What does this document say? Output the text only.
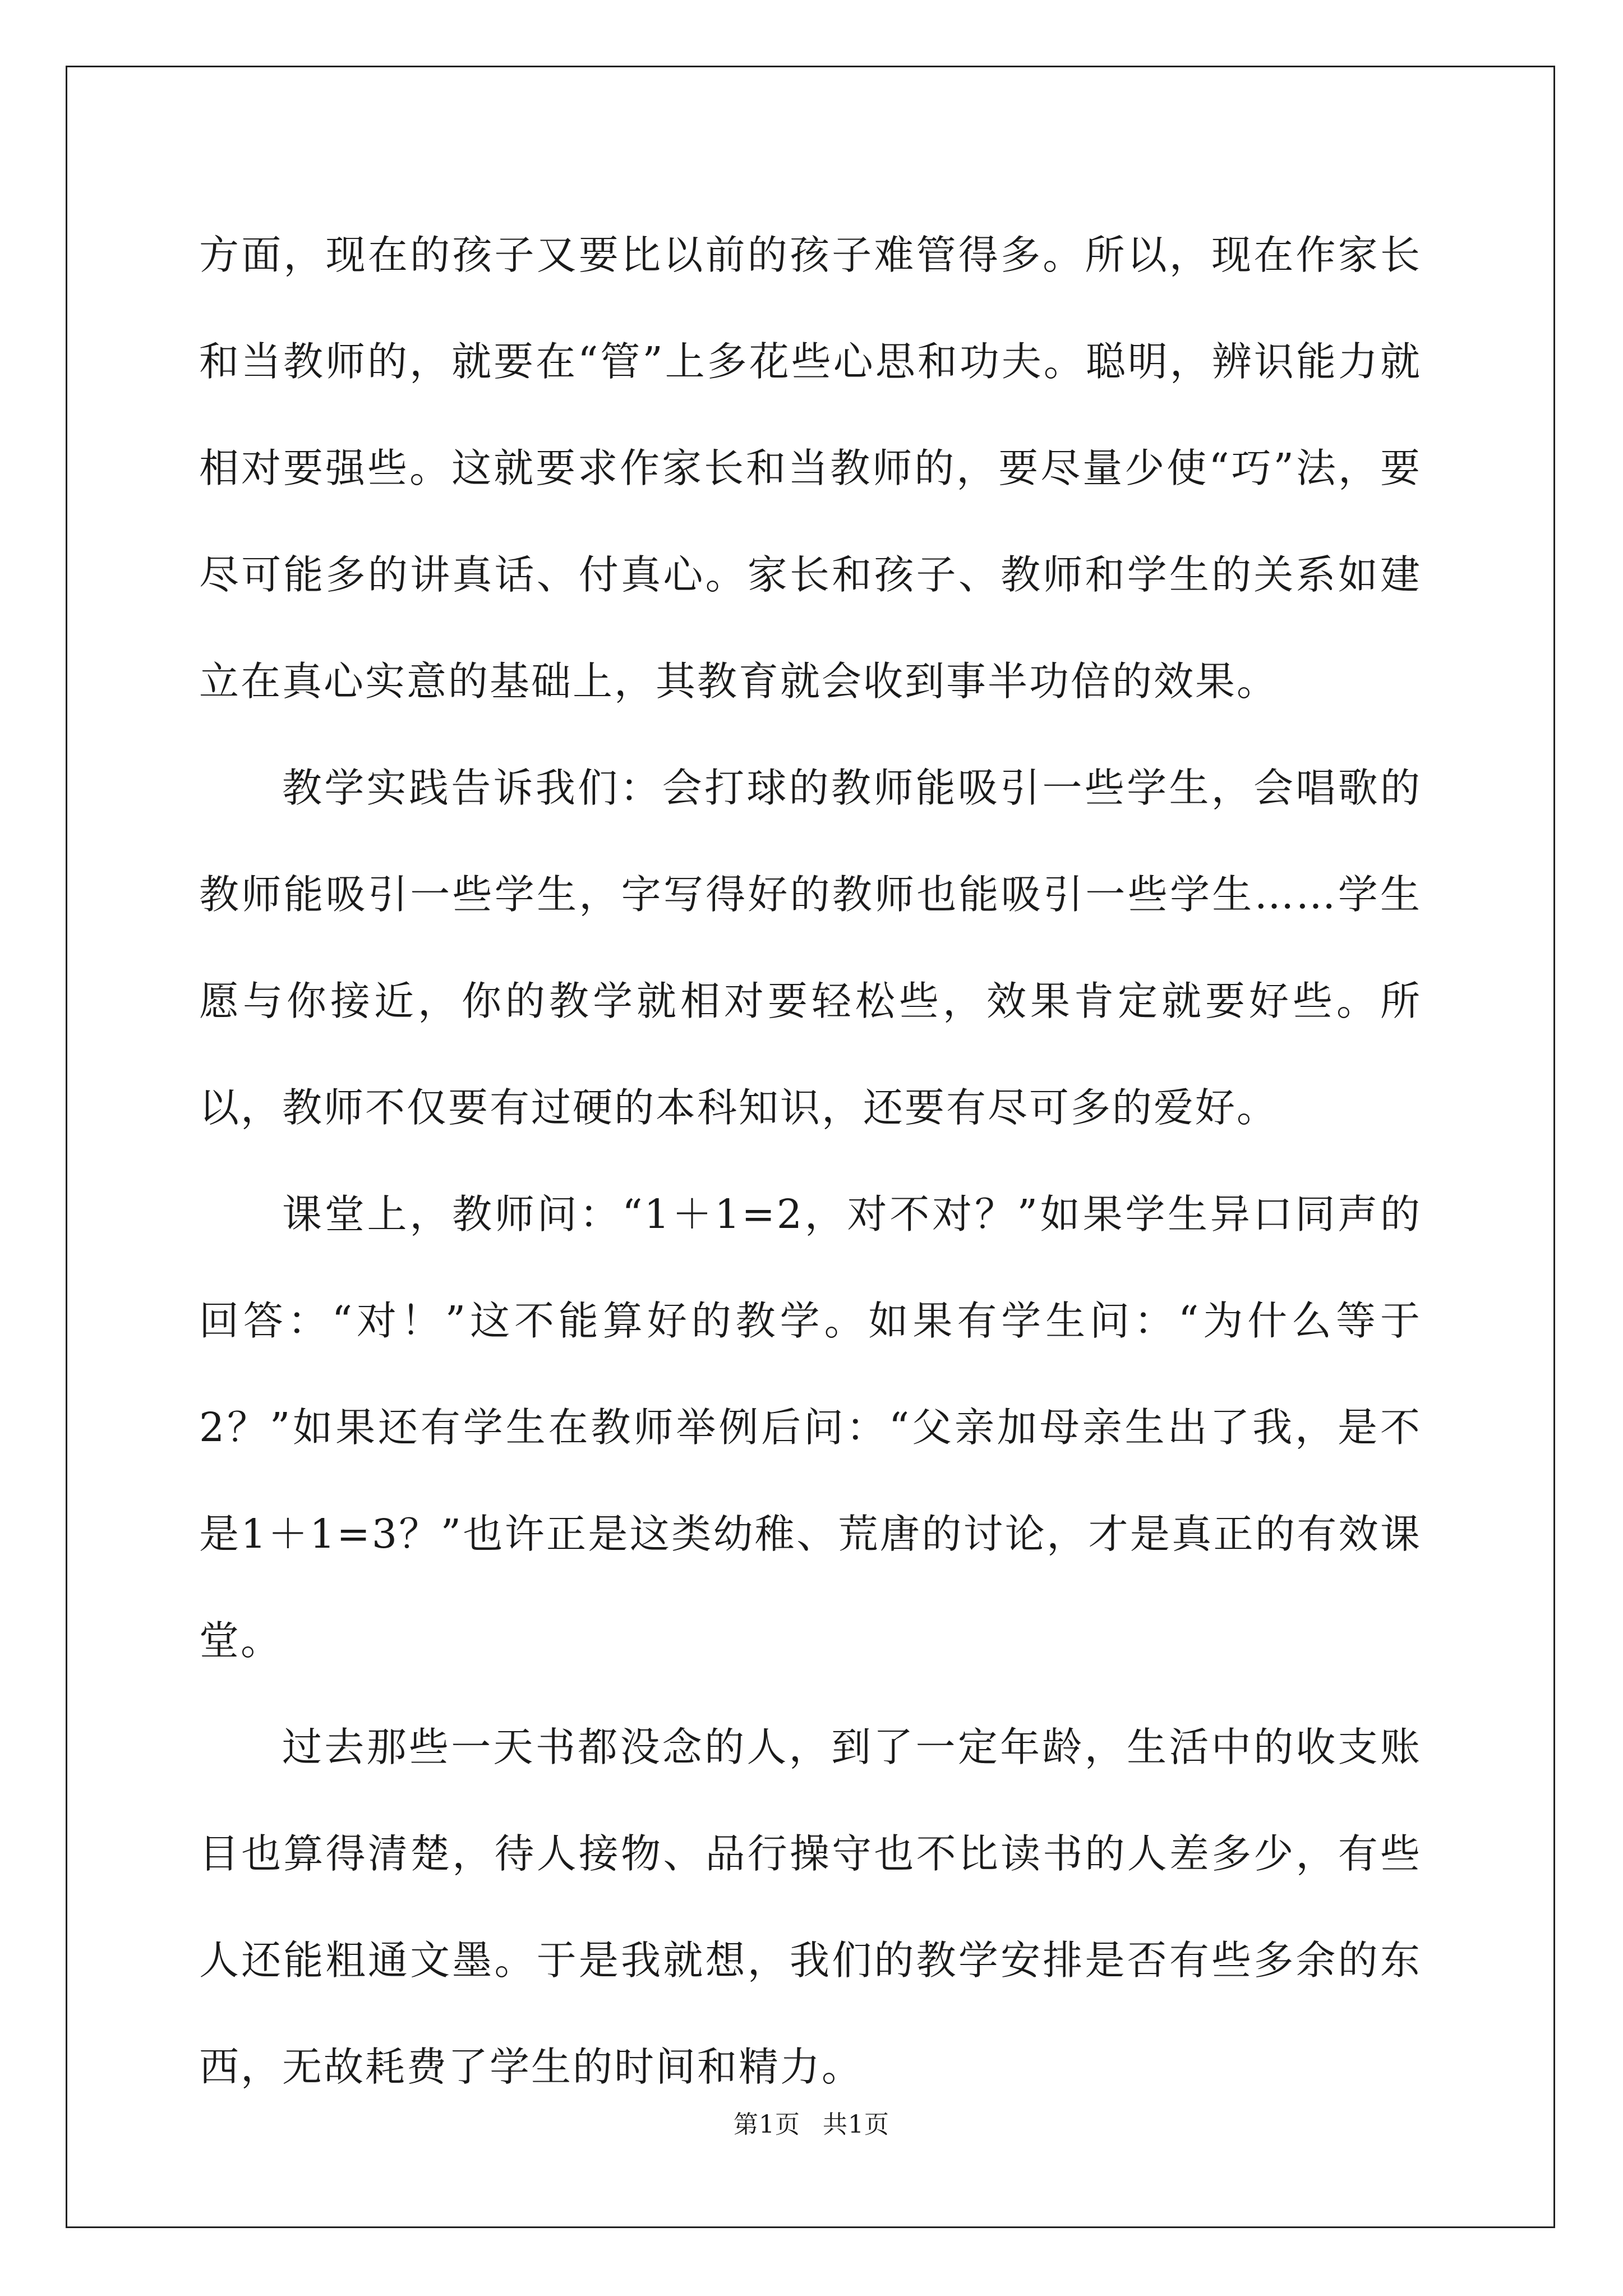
方面，现在的孩子又要比以前的孩子难管得多。所以，现在作家长和当教师的，就要在“管”上多花些心思和功夫。聪明，辨识能力就相对要强些。这就要求作家长和当教师的，要尽量少使“巧”法，要尽可能多的讲真话、付真心。家长和孩子、教师和学生的关系如建立在真心实意的基础上，其教育就会收到事半功倍的效果。

教学实践告诉我们：会打球的教师能吸引一些学生，会唱歌的教师能吸引一些学生，字写得好的教师也能吸引一些学生……学生愿与你接近，你的教学就相对要轻松些，效果肯定就要好些。所以，教师不仅要有过硬的本科知识，还要有尽可多的爱好。

课堂上，教师问：“1＋1=2，对不对？”如果学生异口同声的回答：“对！”这不能算好的教学。如果有学生问：“为什么等于2？”如果还有学生在教师举例后问：“父亲加母亲生出了我，是不是1＋1=3？”也许正是这类幼稚、荒唐的讨论，才是真正的有效课堂。

过去那些一天书都没念的人，到了一定年龄，生活中的收支账目也算得清楚，待人接物、品行操守也不比读书的人差多少，有些人还能粗通文墨。于是我就想，我们的教学安排是否有些多余的东西，无故耗费了学生的时间和精力。

第1页 共1页
